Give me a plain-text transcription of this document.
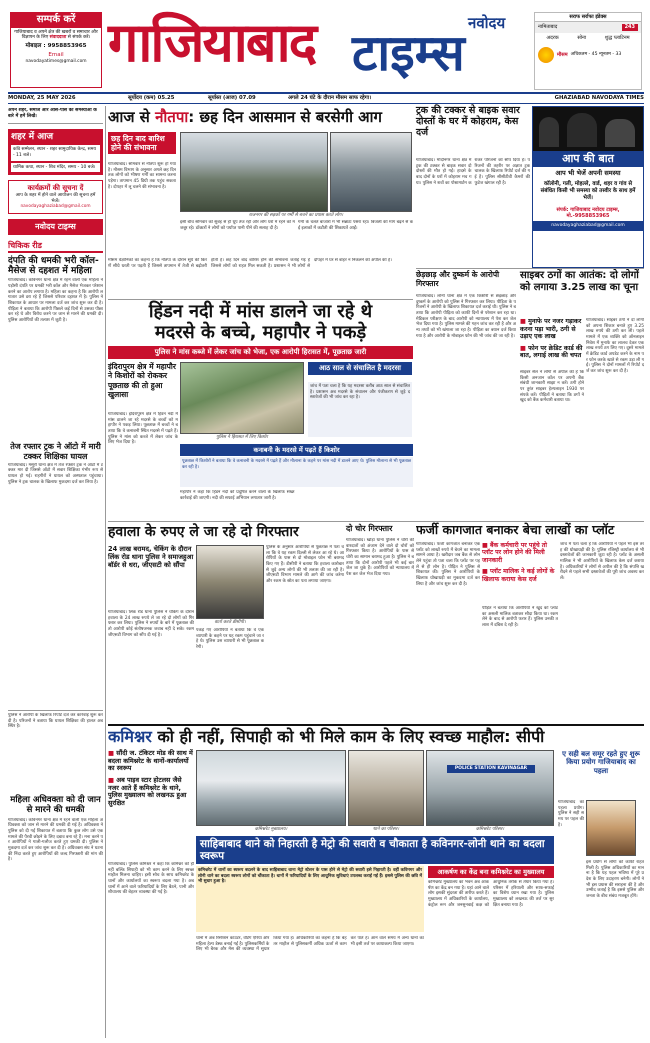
सम्पर्क करें
गाजियाबाद व अपने क्षेत्र की खबरों व समाचार और विज्ञापन के लिए संवाददाता से संपर्क करें।
मोबाइल : 9958853965
Email
navodayatimes@gmail.com
नवोदय
गाजियाबाद टाइम्स
सराफ सर्राफा इंडेक्स
नामिताबाद	243
अदरक	सोना	शुद्ध प्लाटिनम
मौसम अधिकतम - 45 न्यूनतम - 33
MONDAY, 25 MAY 2026	सूर्योदय (कम) 05.25	सूर्यास्त (आज) 07.09	अगले 24 घंटे के दौरान मौसम साफ रहेगा।	GHAZIABAD NAVODAYA TIMES
अपने शहर, समाज और आस-पास की समस्याओं के बारे में हमें लिखें।
शहर में आज
कवि सम्मेलन, स्थान - शहर सामुदायिक केन्द्र, समय - 11 बजे।
धार्मिक कथा, स्थान - शिव मंदिर, समय - 10 बजे।
कार्यक्रमों की सूचना दें
आप के शहर में होने वाले आयोजन की सूचना हमें भेजें।
navodayaghaziabad@gmail.com
नवोदय टाइम्स
चिकिक रीड
दंपति की धमकी भरी कॉल-मैसेज से दहशत में महिला
गाजियाबाद। कविनगर थाना क्षेत्र में रहने वाली एक महिला ने पड़ोसी दंपति पर धमकी भरी कॉल और मैसेज भेजकर परेशान करने का आरोप लगाया है। महिला का कहना है कि आरोपी लगातार उसे डरा रहे हैं जिससे परिवार दहशत में है। पुलिस ने शिकायत के आधार पर मामला दर्ज कर जांच शुरू कर दी है। पीड़िता ने बताया कि आरोपी पिछले कई दिनों से उसका पीछा कर रहे थे और विरोध करने पर जान से मारने की धमकी दी। पुलिस आरोपियों की तलाश में जुटी है।
तेज रफ्तार ट्रक ने ऑटो में मारी टक्कर शिक्षिका घायल
गाजियाबाद। मसूरी थाना क्षेत्र में तेज रफ्तार ट्रक ने ऑटो में टक्कर मार दी जिससे ऑटो में सवार शिक्षिका गंभीर रूप से घायल हो गई। राहगीरों ने घायल को अस्पताल पहुंचाया। पुलिस ने ट्रक चालक के खिलाफ मुकदमा दर्ज कर लिया है।
पुलिस ने आरोपी के खिलाफ रिपोर्ट दर्ज कर कार्रवाई शुरू कर दी है। परिजनों ने बताया कि घायल शिक्षिका की हालत अब स्थिर है।
महिला अधिवक्ता को दी जान से मारने की धमकी
गाजियाबाद। कविनगर थाना क्षेत्र में रहने वाली एक महिला अधिवक्ता को जान से मारने की धमकी दी गई है। अधिवक्ता ने पुलिस को दी गई शिकायत में बताया कि कुछ लोग उसे एक मामले की पैरवी छोड़ने के लिए दबाव बना रहे हैं। मना करने पर आरोपियों ने गाली-गलौज करते हुए धमकी दी। पुलिस ने मुकदमा दर्ज कर जांच शुरू कर दी है। अधिवक्ता संघ ने घटना की निंदा करते हुए आरोपियों की जल्द गिरफ्तारी की मांग की है।
आज से नौतपा: छह दिन आसमान से बरसेगी आग
छह दिन बाद बारिश होने की संभावना
गाजियाबाद। सोमवार से नौतपा शुरू हो गया है। मौसम विभाग के अनुसार अगले छह दिन तक लोगों को भीषण गर्मी का सामना करना पड़ेगा। तापमान 45 डिग्री तक पहुंच सकता है। दोपहर में लू चलने की संभावना है।
राजनगर की सड़कों पर गर्मी से बचने का प्रयास करते लोग।
इसी बीच सोमवार को सुबह से ही धूप तेज रही और लोग घरों में रहने को मजबूर रहे। डॉक्टरों ने लोगों को पर्याप्त पानी पीने की सलाह दी है।
गर्मी के चलते बाजारों में भी सन्नाटा पसरा रहा। बिजली की मांग बढ़ने से कई इलाकों में कटौती की शिकायतें आईं।
मौसम वैज्ञानिकों का कहना है कि नौतपा के दौरान सूर्य की किरणें सीधे धरती पर पड़ती हैं जिससे तापमान में तेजी से बढ़ोतरी होती है। छह दिन बाद बारिश होने की संभावना जताई गई है जिससे लोगों को राहत मिल सकती है। प्रशासन ने भी लोगों से दोपहर में घर से बाहर न निकलने की अपील की है।
ट्रक की टक्कर से बाइक सवार दोस्तों के घर में कोहराम, केस दर्ज
गाजियाबाद। मोदीनगर थाना क्षेत्र में ट्रक की टक्कर से बाइक सवार दो दोस्तों की मौत हो गई। हादसे के बाद दोनों के घरों में कोहराम मच गया। पुलिस ने शवों का पोस्टमार्टम कराकर परिजनों को सौंप दिया है। परिजनों की तहरीर पर अज्ञात ट्रक चालक के खिलाफ रिपोर्ट दर्ज की गई है। पुलिस सीसीटीवी कैमरों की फुटेज खंगाल रही है।
आप की बात
आप भी भेजें अपनी समस्या
कॉलोनी, गली, मोहल्ले, वार्ड, शहर व गांव से संबंधित किसी भी समस्या को तस्वीर के साथ हमें भेजें।
संपर्क: गाजियाबाद नवोदय टाइम्स, मो.-9958853965
navodayaghaziabad@gmail.com
हिंडन नदी में मांस डालने जा रहे थे
मदरसे के बच्चे, महापौर ने पकड़े
पुलिस ने मांस कब्जे में लेकर जांच को भेजा, एक आरोपी हिरासत में, पूछताछ जारी
इंदिरापुरम क्षेत्र में महापौर ने किशोरों को रोककर पूछताछ की तो हुआ खुलासा
गाजियाबाद। इंदिरापुरम क्षेत्र में हिंडन नदी में मांस डालने जा रहे मदरसे के बच्चों को महापौर ने पकड़ लिया। पूछताछ में बच्चों ने बताया कि वे कनाबनी स्थित मदरसे में पढ़ते हैं। पुलिस ने मांस को कब्जे में लेकर जांच के लिए भेज दिया है।
पुलिस ने हिरासत में लिए किशोर
आठ साल से संचालित है मदरसा
जांच में पता चला है कि यह मदरसा करीब आठ साल से संचालित है। प्रशासन अब मदरसे के संचालन और पंजीकरण से जुड़े दस्तावेजों की भी जांच कर रहा है।
कनाबनी के मदरसे में पढ़ते हैं किशोर
पूछताछ में किशोरों ने बताया कि वे कनाबनी के मदरसे में पढ़ते हैं और मौलाना के कहने पर मांस नदी में डालने आए थे। पुलिस मौलाना से भी पूछताछ कर रही है।
महापौर ने कहा कि हिंडन नदी को प्रदूषित करने वालों के खिलाफ सख्त कार्रवाई की जाएगी। नदी की सफाई अभियान लगातार जारी है।
छेड़छाड़ और दुष्कर्म के आरोपी गिरफ्तार
गाजियाबाद। लोनी थाना क्षेत्र में एक किशोरी से छेड़छाड़ और दुष्कर्म के आरोपी को पुलिस ने गिरफ्तार कर लिया। पीड़िता के परिजनों ने आरोपी के खिलाफ शिकायत दर्ज कराई थी। पुलिस ने बताया कि आरोपी पीड़िता को काफी दिनों से परेशान कर रहा था। मेडिकल परीक्षण के बाद आरोपी को न्यायालय में पेश कर जेल भेज दिया गया है। पुलिस मामले की गहन जांच कर रही है और अन्य तथ्यों को भी खंगाला जा रहा है। पीड़िता का बयान दर्ज किया गया है और आरोपी के मोबाइल फोन की भी जांच की जा रही है।
साइबर ठगों का आतंक: दो लोगों को लगाया 3.25 लाख का चूना
■ मुनाफे पर नजर गड़ाकर करना पड़ा भारी, ठगी से उड़ाए एक लाख
■ फोन पर क्रेडिट कार्ड की बात, लगाई लाख की चपत
गाजियाबाद। साइबर ठगों ने दो लोगों को अपना शिकार बनाते हुए 3.25 लाख रुपये की ठगी कर ली। पहले मामले में एक व्यक्ति को ऑनलाइन निवेश में मुनाफे का लालच देकर एक लाख रुपये ठग लिए गए। दूसरे मामले में क्रेडिट कार्ड अपडेट करने के नाम पर फोन करके खाते से रकम उड़ा ली गई। पुलिस ने दोनों मामलों में रिपोर्ट दर्ज कर जांच शुरू कर दी है।
साइबर सेल ने लोगों से अपील की है कि किसी अनजान कॉल पर अपनी बैंक संबंधी जानकारी साझा न करें। ठगी होने पर तुरंत साइबर हेल्पलाइन 1930 पर संपर्क करें। पीड़ितों ने बताया कि ठगों ने खुद को बैंक कर्मचारी बताया था।
हवाला के रुपए ले जा रहे दो गिरफ्तार
24 लाख बरामद, चेकिंग के दौरान लिंक रोड थाना पुलिस ने समाजहुआ बॉर्डर से धरा, जीएसटी को सौंपा
वार्ता करते डीसीपी।
गाजियाबाद। लिंक रोड थाना पुलिस ने चेकिंग के दौरान हवाला के 24 लाख रुपये ले जा रहे दो लोगों को गिरफ्तार कर लिया। पुलिस ने रुपयों के बारे में पूछताछ की तो आरोपी कोई संतोषजनक जवाब नहीं दे सके। रकम जीएसटी विभाग को सौंप दी गई है।
पुलिस के अनुसार आरोपियों से पूछताछ में पता चला कि वे यह रकम दिल्ली से लेकर आ रहे थे। आरोपियों के पास से दो मोबाइल फोन भी बरामद किए गए हैं। डीसीपी ने बताया कि हवाला कारोबार से जुड़े अन्य लोगों की भी तलाश की जा रही है। जीएसटी विभाग मामले की आगे की जांच करेगा और रकम के स्रोत का पता लगाया जाएगा।
पकड़े गए आरोपियों ने बताया कि वे एक व्यापारी के कहने पर यह रकम पहुंचाने जा रहे थे। पुलिस उस व्यापारी से भी पूछताछ करेगी।
दो चोर गिरफ्तार
गाजियाबाद। खोड़ा थाना पुलिस ने चोरी की वारदातों को अंजाम देने वाले दो चोरों को गिरफ्तार किया है। आरोपियों के पास से चोरी का सामान बरामद हुआ है। पुलिस ने बताया कि दोनों आरोपी पहले भी कई बार जेल जा चुके हैं। आरोपियों को न्यायालय में पेश कर जेल भेज दिया गया।
फर्जी कागजात बनाकर बेचा लाखों का प्लॉट
गाजियाबाद। फर्जी कागजात बनाकर एक प्लॉट को लाखों रुपये में बेचने का मामला सामने आया है। खरीदार जब बैंक से लोन लेने पहुंचा तो पता चला कि प्लॉट पर पहले से ही लोन है। पीड़ित ने पुलिस से शिकायत की। पुलिस ने आरोपियों के खिलाफ धोखाधड़ी का मुकदमा दर्ज कर लिया है और जांच शुरू कर दी है।
■ बैंक कर्मचारी पर पहुंचे तो प्लॉट पर लोन होने की मिली जानकारी
■ प्लॉट मालिक ने कई लोगों के खिलाफ कराया केस दर्ज
पीड़ित ने बताया कि आरोपियों ने खुद को प्लॉट का असली मालिक बताकर सौदा किया था। रकम लेने के बाद से आरोपी फरार हैं। पुलिस उनकी तलाश में दबिश दे रही है।
जांच में पता चला है कि आरोपियों ने पहले भी इस तरह की धोखाधड़ी की है। पुलिस रजिस्ट्री कार्यालय से भी दस्तावेजों की जानकारी जुटा रही है। प्लॉट के असली मालिक ने भी आरोपियों के खिलाफ केस दर्ज कराया है। अधिकारियों ने लोगों से अपील की है कि संपत्ति खरीदने से पहले सभी दस्तावेजों की पूरी जांच अवश्य कर लें।
कमिश्नर को ही नहीं, सिपाही को भी मिले काम के लिए स्वच्छ माहौल: सीपी
■ सौंदी ज. टंकिटर मोड की साथ में बदला कमिश्नरेट के थानों-कार्यालयों का स्वरूप
■ अब पाइव स्टार होटलस जैसे नजर आते हैं कमिश्नरेट के थाने, पुलिस मुख्यालय को लखनऊ हुआ सुरक्षित
गाजियाबाद। पुलिस कमिश्नर ने कहा कि कमिश्नर को ही नहीं बल्कि सिपाही को भी काम करने के लिए स्वच्छ माहौल मिलना चाहिए। इसी सोच के साथ कमिश्नरेट के थानों और कार्यालयों का स्वरूप बदला गया है। अब थानों में आने वाले फरियादियों के लिए बैठने, पानी और शौचालय की बेहतर व्यवस्था की गई है।
कमिश्नरेट मुख्यालय।	थाने का परिसर।
POLICE STATION KAVINAGAR
कमिश्नरेट परिसर।
साहिबाबाद थाने को निहारती है मेट्रो की सवारी व चौकाता है कविनगर-लोनी थाने का बदला स्वरूप
कमिश्नरेट में थानों का स्वरूप बदलने के बाद साहिबाबाद थाना मेट्रो स्टेशन के पास होने से मेट्रो की सवारी इसे निहारती है। वहीं कविनगर और लोनी थाने का बदला स्वरूप लोगों को चौंकाता है। थानों में फरियादियों के लिए आधुनिक सुविधाएं उपलब्ध कराई गई हैं। इससे पुलिस की छवि में भी सुधार हुआ है।
थानों में अब रिसेप्शन काउंटर, वेटिंग एरिया और महिला हेल्प डेस्क बनाई गई है। पुलिसकर्मियों के लिए भी बैरक और मेस की व्यवस्था में सुधार किया गया है। अधिकारियों का कहना है कि बेहतर माहौल से पुलिसकर्मी अधिक ऊर्जा से काम कर पाते हैं। आने वाले समय में अन्य थानों का भी इसी तर्ज पर कायाकल्प किया जाएगा।
आकर्षण का केंद्र बना कमिश्नरेट का मुख्यालय
कमिश्नरेट मुख्यालय का भवन अब आकर्षण का केंद्र बन गया है। यहां आने वाले लोग इसकी सुंदरता की तारीफ करते हैं। मुख्यालय में अधिकारियों के कार्यालय, कंट्रोल रूम और जनसुनवाई कक्ष को आधुनिक तरीके से तैयार किया गया है। परिसर में हरियाली और साफ-सफाई का विशेष ध्यान रखा गया है। पुलिस मुख्यालय को लखनऊ की तर्ज पर सुरक्षित बनाया गया है।
ए सही बल समूर रहते हुए शुरू किया प्रयोग गाजियाबाद का पहला
गाजियाबाद का पहला प्रयोग। पुलिस ने सही समय पर पहल की है।
इस प्रयोग से लोगों को काफी राहत मिली है। पुलिस अधिकारियों का मानना है कि यह पहल भविष्य में पूरे प्रदेश के लिए उदाहरण बनेगी। लोगों ने भी इस प्रयास की सराहना की है और उम्मीद जताई है कि इससे पुलिस और जनता के बीच संबंध मजबूत होंगे।
